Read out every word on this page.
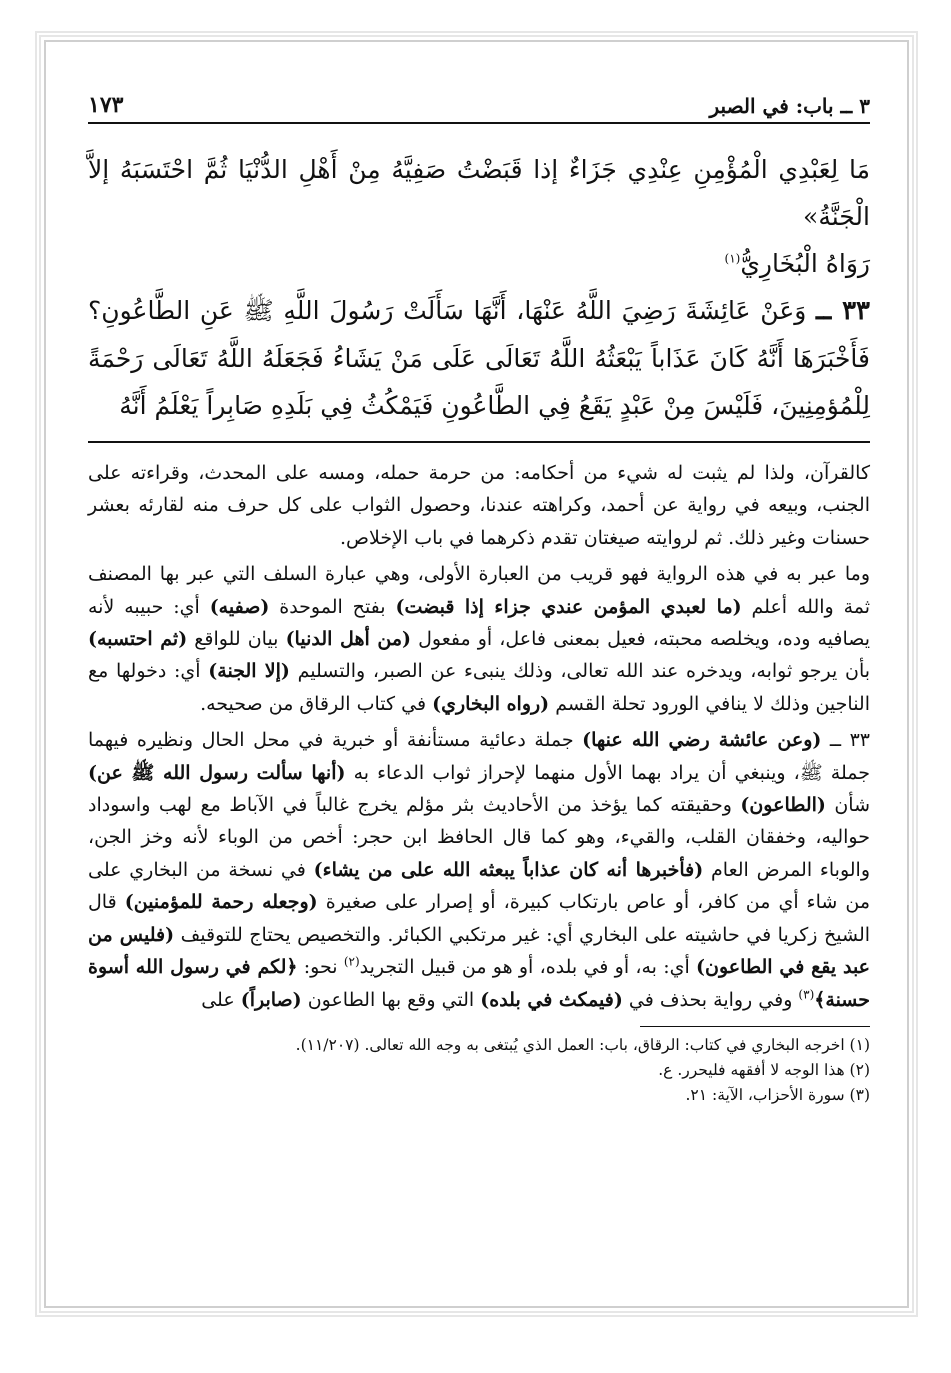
٣ ــ باب: في الصبر
١٧٣

مَا لِعَبْدِي الْمُؤْمِنِ عِنْدِي جَزَاءٌ إذا قَبَضْتُ صَفِيَّهُ مِنْ أَهْلِ الدُّنْيَا ثُمَّ احْتَسَبَهُ إلاَّ الْجَنَّةُ»

رَوَاهُ الْبُخَارِيُّ$^{(١)}$

٣٣ ــ وَعَنْ عَائِشَةَ رَضِيَ اللَّهُ عَنْهَا، أَنَّهَا سَأَلَتْ رَسُولَ اللَّهِ ﷺ عَنِ الطَّاعُونِ؟ فَأَخْبَرَهَا أَنَّهُ كَانَ عَذَاباً يَبْعَثُهُ اللَّهُ تَعَالَى عَلَى مَنْ يَشَاءُ فَجَعَلَهُ اللَّهُ تَعَالَى رَحْمَةً لِلْمُؤمِنِينَ، فَلَيْسَ مِنْ عَبْدٍ يَقَعُ فِي الطَّاعُونِ فَيَمْكُثُ فِي بَلَدِهِ صَابِراً يَعْلَمُ أَنَّهُ

كالقرآن، ولذا لم يثبت له شيء من أحكامه: من حرمة حمله، ومسه على المحدث، وقراءته على الجنب، وبيعه في رواية عن أحمد، وكراهته عندنا، وحصول الثواب على كل حرف منه لقارئه بعشر حسنات وغير ذلك. ثم لروايته صيغتان تقدم ذكرهما في باب الإخلاص.

وما عبر به في هذه الرواية فهو قريب من العبارة الأولى، وهي عبارة السلف التي عبر بها المصنف ثمة والله أعلم (ما لعبدي المؤمن عندي جزاء إذا قبضت) بفتح الموحدة (صفيه) أي: حبيبه لأنه يصافيه وده، ويخلصه محبته، فعيل بمعنى فاعل، أو مفعول (من أهل الدنيا) بيان للواقع (ثم احتسبه) بأن يرجو ثوابه، ويدخره عند الله تعالى، وذلك ينبىء عن الصبر، والتسليم (إلا الجنة) أي: دخولها مع الناجين وذلك لا ينافي الورود تحلة القسم (رواه البخاري) في كتاب الرقاق من صحيحه.

٣٣ ــ (وعن عائشة رضي الله عنها) جملة دعائية مستأنفة أو خبرية في محل الحال ونظيره فيهما جملة ﷺ، وينبغي أن يراد بهما الأول منهما لإحراز ثواب الدعاء به (أنها سألت رسول الله ﷺ عن) شأن (الطاعون) وحقيقته كما يؤخذ من الأحاديث بثر مؤلم يخرج غالباً في الآباط مع لهب واسوداد حواليه، وخفقان القلب، والقيء، وهو كما قال الحافظ ابن حجر: أخص من الوباء لأنه وخز الجن، والوباء المرض العام (فأخبرها أنه كان عذاباً يبعثه الله على من يشاء) في نسخة من البخاري على من شاء أي من كافر، أو عاص بارتكاب كبيرة، أو إصرار على صغيرة (وجعله رحمة للمؤمنين) قال الشيخ زكريا في حاشيته على البخاري أي: غير مرتكبي الكبائر. والتخصيص يحتاج للتوقيف (فليس من عبد يقع في الطاعون) أي: به، أو في بلده، أو هو من قبيل التجريد$^{(٢)}$ نحو: ﴿لكم في رسول الله أسوة حسنة﴾$^{(٣)}$ وفي رواية بحذف في (فيمكث في بلده) التي وقع بها الطاعون (صابراً) على

(١) اخرجه البخاري في كتاب: الرقاق، باب: العمل الذي يُبتغى به وجه الله تعالى. (١١/٢٠٧).

(٢) هذا الوجه لا أفقهه فليحرر. ع.

(٣) سورة الأحزاب، الآية: ٢١.
